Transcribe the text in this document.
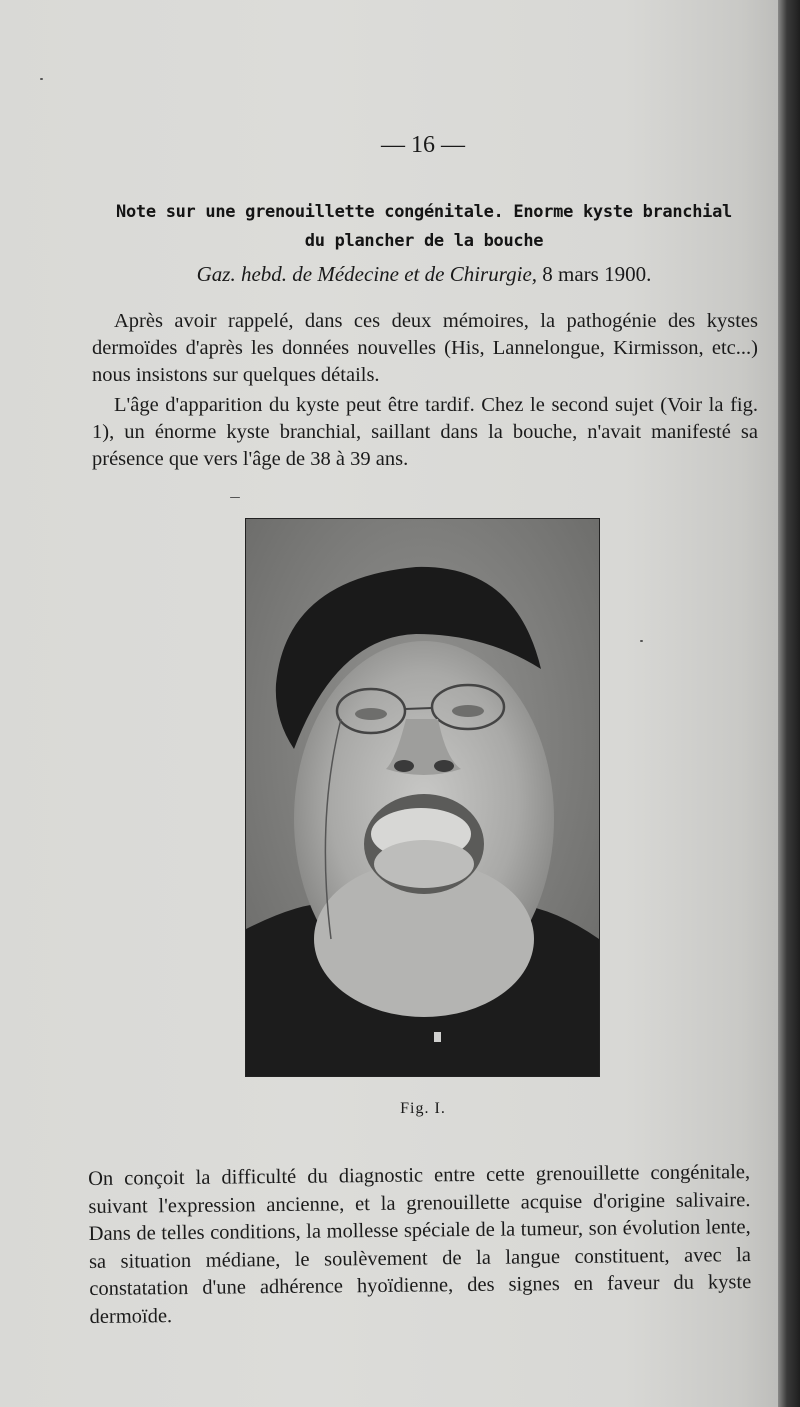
— 16 —
Note sur une grenouillette congénitale. Enorme kyste branchial du plancher de la bouche
Gaz. hebd. de Médecine et de Chirurgie, 8 mars 1900.
Après avoir rappelé, dans ces deux mémoires, la pathogénie des kystes dermoïdes d'après les données nouvelles (His, Lannelongue, Kirmisson, etc...) nous insistons sur quelques détails.
L'âge d'apparition du kyste peut être tardif. Chez le second sujet (Voir la fig. 1), un énorme kyste branchial, saillant dans la bouche, n'avait manifesté sa présence que vers l'âge de 38 à 39 ans.
Fig. I.
On conçoit la difficulté du diagnostic entre cette grenouillette congénitale, suivant l'expression ancienne, et la grenouillette acquise d'origine salivaire. Dans de telles conditions, la mollesse spéciale de la tumeur, son évolution lente, sa situation médiane, le soulèvement de la langue constituent, avec la constatation d'une adhérence hyoïdienne, des signes en faveur du kyste dermoïde.
